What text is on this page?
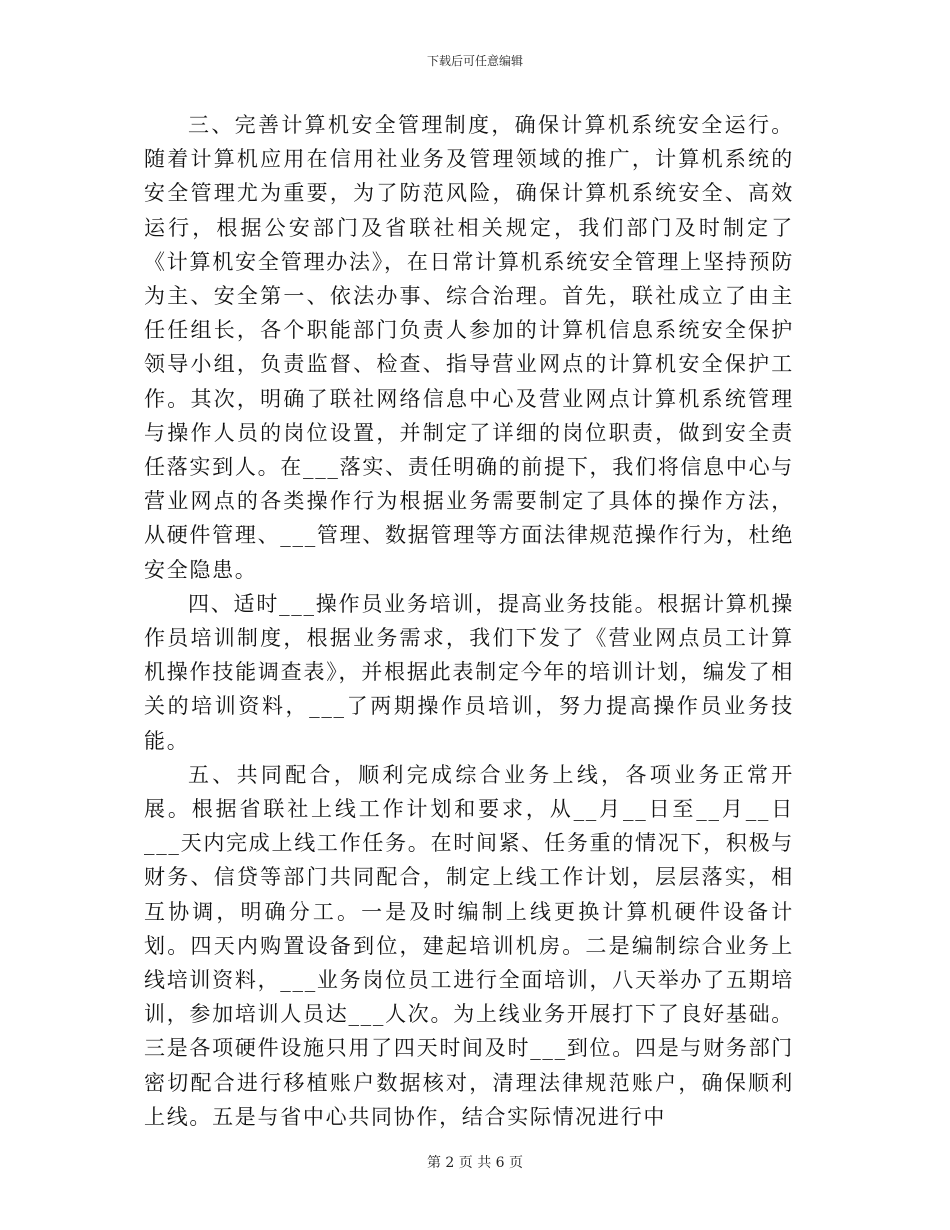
下载后可任意编辑

三、完善计算机安全管理制度，确保计算机系统安全运行。随着计算机应用在信用社业务及管理领域的推广，计算机系统的安全管理尤为重要，为了防范风险，确保计算机系统安全、高效运行，根据公安部门及省联社相关规定，我们部门及时制定了《计算机安全管理办法》，在日常计算机系统安全管理上坚持预防为主、安全第一、依法办事、综合治理。首先，联社成立了由主任任组长，各个职能部门负责人参加的计算机信息系统安全保护领导小组，负责监督、检查、指导营业网点的计算机安全保护工作。其次，明确了联社网络信息中心及营业网点计算机系统管理与操作人员的岗位设置，并制定了详细的岗位职责，做到安全责任落实到人。在___落实、责任明确的前提下，我们将信息中心与营业网点的各类操作行为根据业务需要制定了具体的操作方法，从硬件管理、___管理、数据管理等方面法律规范操作行为，杜绝安全隐患。

四、适时___操作员业务培训，提高业务技能。根据计算机操作员培训制度，根据业务需求，我们下发了《营业网点员工计算机操作技能调查表》，并根据此表制定今年的培训计划，编发了相关的培训资料，___了两期操作员培训，努力提高操作员业务技能。

五、共同配合，顺利完成综合业务上线，各项业务正常开展。根据省联社上线工作计划和要求，从__月__日至__月__日___天内完成上线工作任务。在时间紧、任务重的情况下，积极与财务、信贷等部门共同配合，制定上线工作计划，层层落实，相互协调，明确分工。一是及时编制上线更换计算机硬件设备计划。四天内购置设备到位，建起培训机房。二是编制综合业务上线培训资料，___业务岗位员工进行全面培训，八天举办了五期培训，参加培训人员达___人次。为上线业务开展打下了良好基础。三是各项硬件设施只用了四天时间及时___到位。四是与财务部门密切配合进行移植账户数据核对，清理法律规范账户，确保顺利上线。五是与省中心共同协作，结合实际情况进行中

第 2 页 共 6 页
